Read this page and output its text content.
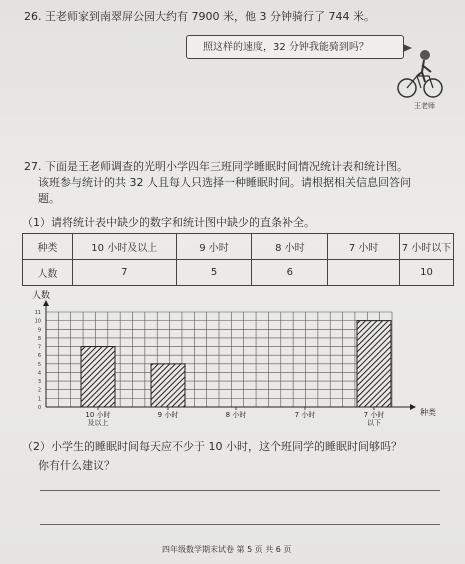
26. 王老师家到南翠屏公园大约有 7900 米，他 3 分钟骑行了 744 米。
照这样的速度，32 分钟我能骑到吗？
王老师
27. 下面是王老师调查的光明小学四年三班同学睡眠时间情况统计表和统计图。
该班参与统计的共 32 人且每人只选择一种睡眠时间。请根据相关信息回答问
题。
（1）请将统计表中缺少的数字和统计图中缺少的直条补全。
种类	10 小时及以上	9 小时	8 小时	7 小时	7 小时以下
人数	7	5	6		10
0
1
2
3
4
5
6
7
8
9
10
11
人数
种类
10 小时
及以上
9 小时	8 小时	7 小时	7 小时
以下
（2）小学生的睡眠时间每天应不少于 10 小时，这个班同学的睡眠时间够吗？
你有什么建议？
四年级数学期末试卷 第 5 页 共 6 页
